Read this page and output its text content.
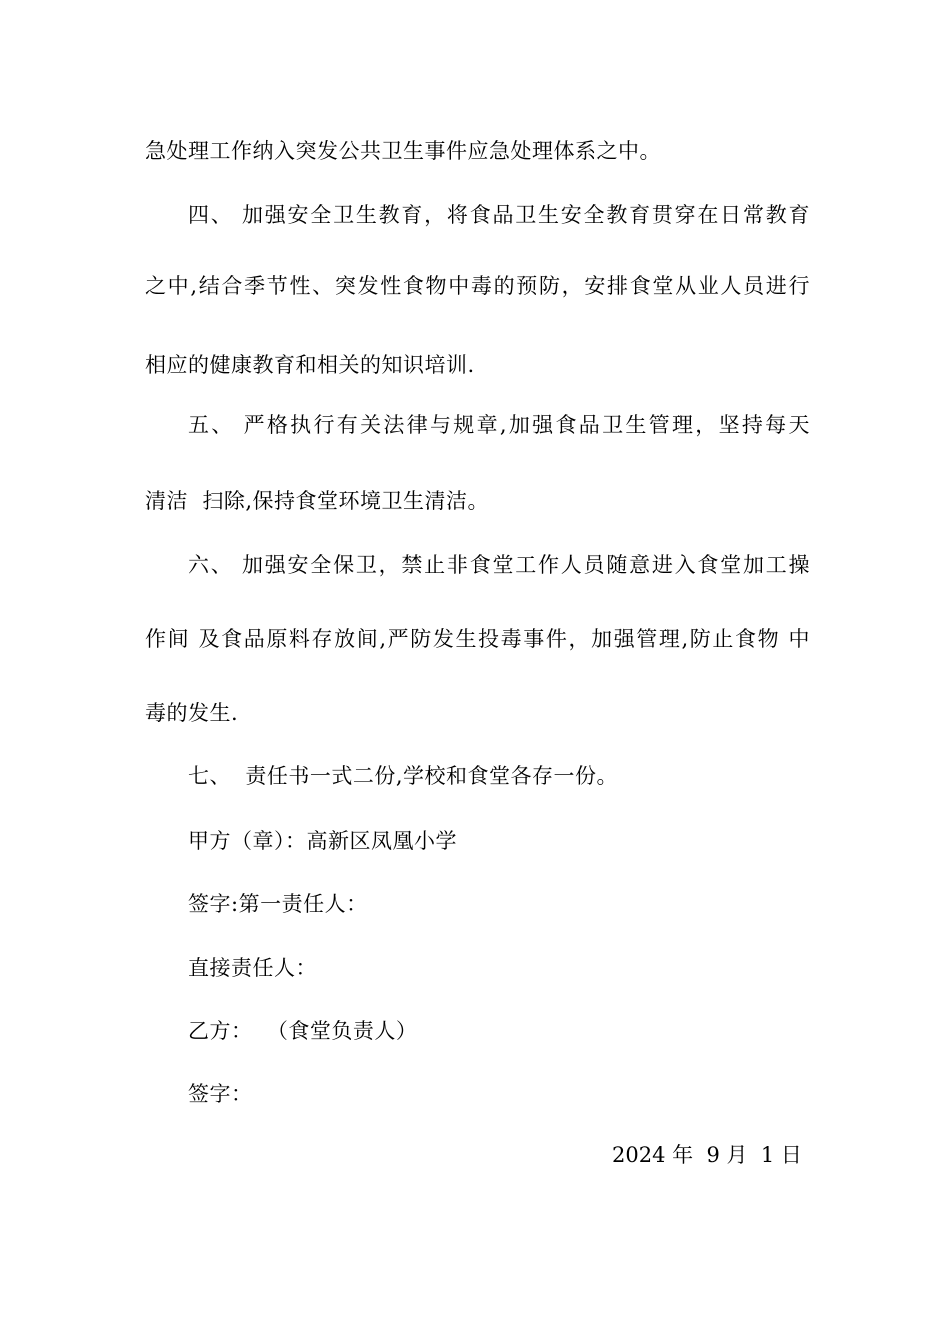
急处理工作纳入突发公共卫生事件应急处理体系之中。
四、 加强安全卫生教育，将食品卫生安全教育贯穿在日常教育
之中,结合季节性、突发性食物中毒的预防，安排食堂从业人员进行
相应的健康教育和相关的知识培训.
五、 严格执行有关法律与规章,加强食品卫生管理，坚持每天
清洁  扫除,保持食堂环境卫生清洁。
六、 加强安全保卫，禁止非食堂工作人员随意进入食堂加工操
作间 及食品原料存放间,严防发生投毒事件，加强管理,防止食物 中
毒的发生.
七、  责任书一式二份,学校和食堂各存一份。
甲方（章）：高新区凤凰小学
签字:第一责任人：
直接责任人：
乙方：  （食堂负责人）
签字：
2024 年  9 月  1 日
